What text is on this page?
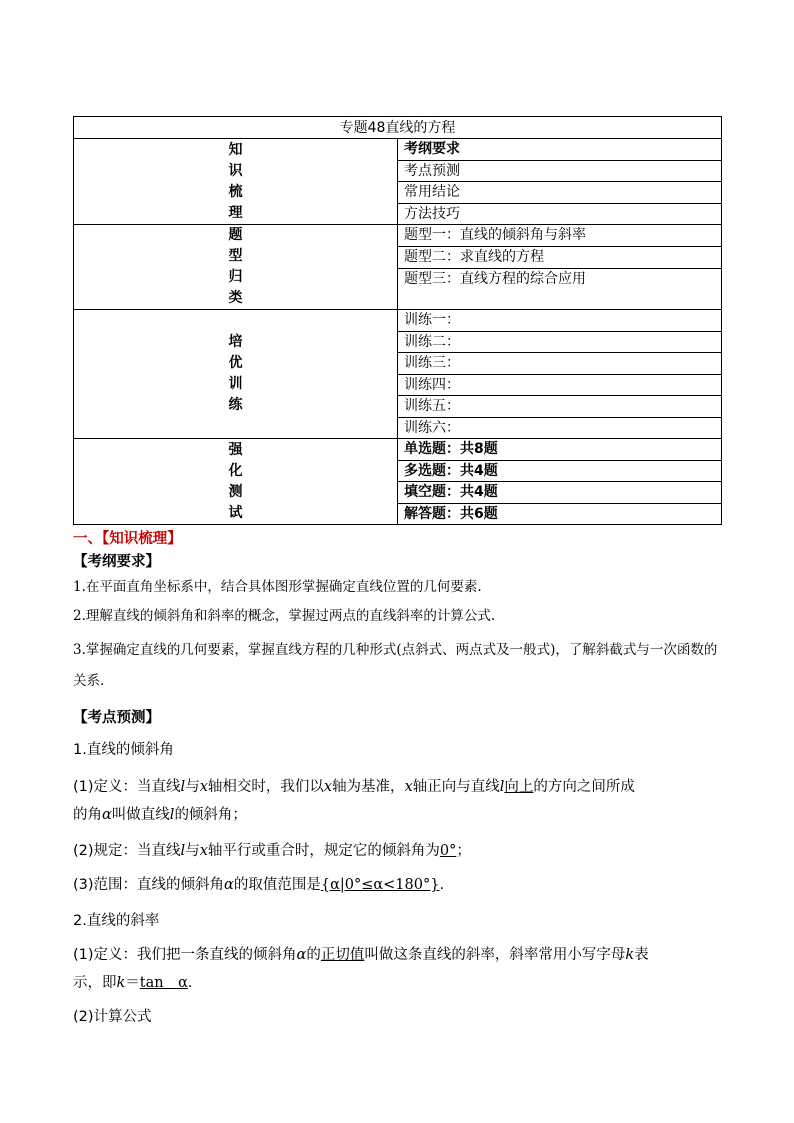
专题48直线的方程	

知
识
梳
理	考纲要求
	考点预测
	常用结论
	方法技巧

题
型
归
类	题型一：直线的倾斜角与斜率
	题型二：求直线的方程
	题型三：直线方程的综合应用

培
优
训
练	训练一：
	训练二：
	训练三：
	训练四：
	训练五：
	训练六：

强
化
测
试	单选题：共8题
	多选题：共4题
	填空题：共4题
	解答题：共6题
一、【知识梳理】
【考纲要求】
1.在平面直角坐标系中，结合具体图形掌握确定直线位置的几何要素.
2.理解直线的倾斜角和斜率的概念，掌握过两点的直线斜率的计算公式.
3.掌握确定直线的几何要素，掌握直线方程的几种形式(点斜式、两点式及一般式)，了解斜截式与一次函数的关系.
【考点预测】
1.直线的倾斜角
(1)定义：当直线l与x轴相交时，我们以x轴为基准，x轴正向与直线l向上的方向之间所成
的角α叫做直线l的倾斜角；
(2)规定：当直线l与x轴平行或重合时，规定它的倾斜角为0°；
(3)范围：直线的倾斜角α的取值范围是{α|0°≤α<180°}.
2.直线的斜率
(1)定义：我们把一条直线的倾斜角α的正切值叫做这条直线的斜率，斜率常用小写字母k表
示，即k＝tan　α.
(2)计算公式
